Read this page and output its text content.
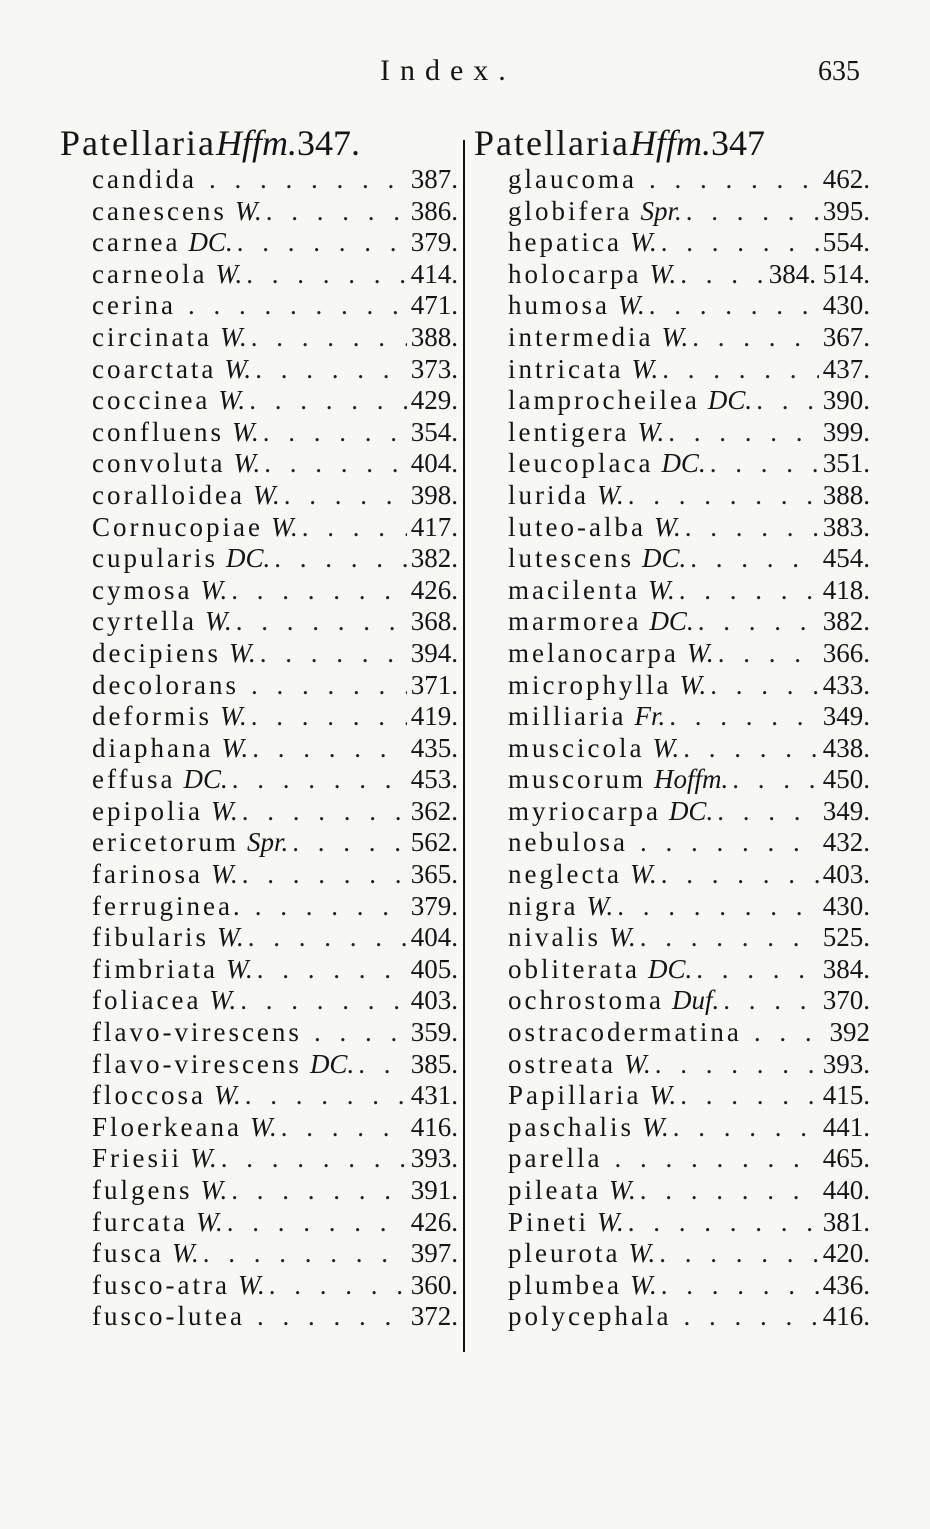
Index.	635
PatellariaHffm.347.
candida . . .	387.
canescens W. . . .	386.
carnea DC. . . .	379.
carneola W. . . .	414.
cerina . . .	471.
circinata W. . . .	388.
coarctata W. . . .	373.
coccinea W. . . .	429.
confluens W. . . .	354.
convoluta W. . . .	404.
coralloidea W. . . .	398.
Cornucopiae W. . . .	417.
cupularis DC. . . .	382.
cymosa W. . . .	426.
cyrtella W. . . .	368.
decipiens W. . . .	394.
decolorans . . .	371.
deformis W. . . .	419.
diaphana W. . . .	435.
effusa DC. . . .	453.
epipolia W. . . .	362.
ericetorum Spr. . . .	562.
farinosa W. . . .	365.
ferruginea. . . .	379.
fibularis W. . . .	404.
fimbriata W. . . .	405.
foliacea W. . . .	403.
flavo-virescens . . .	359.
flavo-virescens DC. . . . 385.
floccosa W. . . .	431.
Floerkeana W. . . .	416.
Friesii W. . . .	393.
fulgens W. . . .	391.
furcata W. . . .	426.
fusca W. . . .	397.
fusco-atra W. . . .	360.
fusco-lutea . . .	372.
PatellariaHffm.347
glaucoma . . .	462.
globifera Spr. . . .	395.
hepatica W. . . .	554.
holocarpa W. . . .	384. 514.
humosa W. . . .	430.
intermedia W. . . .	367.
intricata W. . . .	437.
lamprocheilea DC. . . .	390.
lentigera W. . . .	399.
leucoplaca DC. . . .	351.
lurida W. . . .	388.
luteo-alba W. . . .	383.
lutescens DC. . . .	454.
macilenta W. . . .	418.
marmorea DC. . . .	382.
melanocarpa W. . . .	366.
microphylla W. . . .	433.
milliaria Fr. . . .	349.
muscicola W. . . .	438.
muscorum Hoffm. . . .	450.
myriocarpa DC. . . .	349.
nebulosa . . .	432.
neglecta W. . . .	403.
nigra W. . . .	430.
nivalis W. . . .	525.
obliterata DC. . . .	384.
ochrostoma Duf. . . .	370.
ostracodermatina . . .	392
ostreata W. . . .	393.
Papillaria W. . . .	415.
paschalis W. . . .	441.
parella . . .	465.
pileata W. . . .	440.
Pineti W. . . .	381.
pleurota W. . . .	420.
plumbea W. . . .	436.
polycephala . . .	416.
